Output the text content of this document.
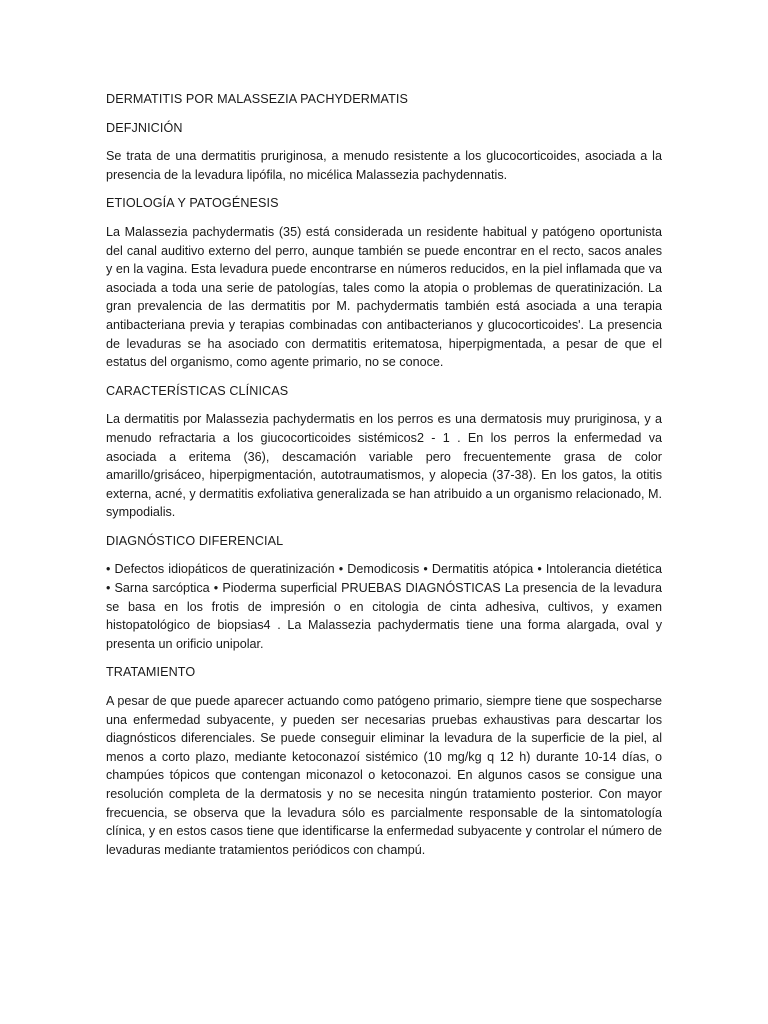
DERMATITIS POR MALASSEZIA PACHYDERMATIS

DEFJNICIÓN

Se trata de una dermatitis pruriginosa, a menudo resistente a los glucocorticoides, asociada a la presencia de la levadura lipófila, no micélica Malassezia pachydennatis.

ETIOLOGÍA Y PATOGÉNESIS

La Malassezia pachydermatis (35) está considerada un residente habitual y patógeno oportunista del canal auditivo externo del perro, aunque también se puede encontrar en el recto, sacos anales y en la vagina. Esta levadura puede encontrarse en números reducidos, en la piel inflamada que va asociada a toda una serie de patologías, tales como la atopia o problemas de queratinización. La gran prevalencia de las dermatitis por M. pachydermatis también está asociada a una terapia antibacteriana previa y terapias combinadas con antibacterianos y glucocorticoides'. La presencia de levaduras se ha asociado con dermatitis eritematosa, hiperpigmentada, a pesar de que el estatus del organismo, como agente primario, no se conoce.

CARACTERÍSTICAS CLÍNICAS

La dermatitis por Malassezia pachydermatis en los perros es una dermatosis muy pruriginosa, y a menudo refractaria a los giucocorticoides sistémicos2 - 1 . En los perros la enfermedad va asociada a eritema (36), descamación variable pero frecuentemente grasa de color amarillo/grisáceo, hiperpigmentación, autotraumatismos, y alopecia (37-38). En los gatos, la otitis externa, acné, y dermatitis exfoliativa generalizada se han atribuido a un organismo relacionado, M. sympodialis.

DIAGNÓSTICO DIFERENCIAL

• Defectos idiopáticos de queratinización • Demodicosis • Dermatitis atópica • Intolerancia dietética • Sarna sarcóptica • Pioderma superficial PRUEBAS DIAGNÓSTICAS La presencia de la levadura se basa en los frotis de impresión o en citologia de cinta adhesiva, cultivos, y examen histopatológico de biopsias4 . La Malassezia pachydermatis tiene una forma alargada, oval y presenta un orificio unipolar.

TRATAMIENTO

A pesar de que puede aparecer actuando como patógeno primario, siempre tiene que sospecharse una enfermedad subyacente, y pueden ser necesarias pruebas exhaustivas para descartar los diagnósticos diferenciales. Se puede conseguir eliminar la levadura de la superficie de la piel, al menos a corto plazo, mediante ketoconazoí sistémico (10 mg/kg q 12 h) durante 10-14 días, o champúes tópicos que contengan miconazol o ketoconazoi. En algunos casos se consigue una resolución completa de la dermatosis y no se necesita ningún tratamiento posterior. Con mayor frecuencia, se observa que la levadura sólo es parcialmente responsable de la sintomatología clínica, y en estos casos tiene que identificarse la enfermedad subyacente y controlar el número de levaduras mediante tratamientos periódicos con champú.
